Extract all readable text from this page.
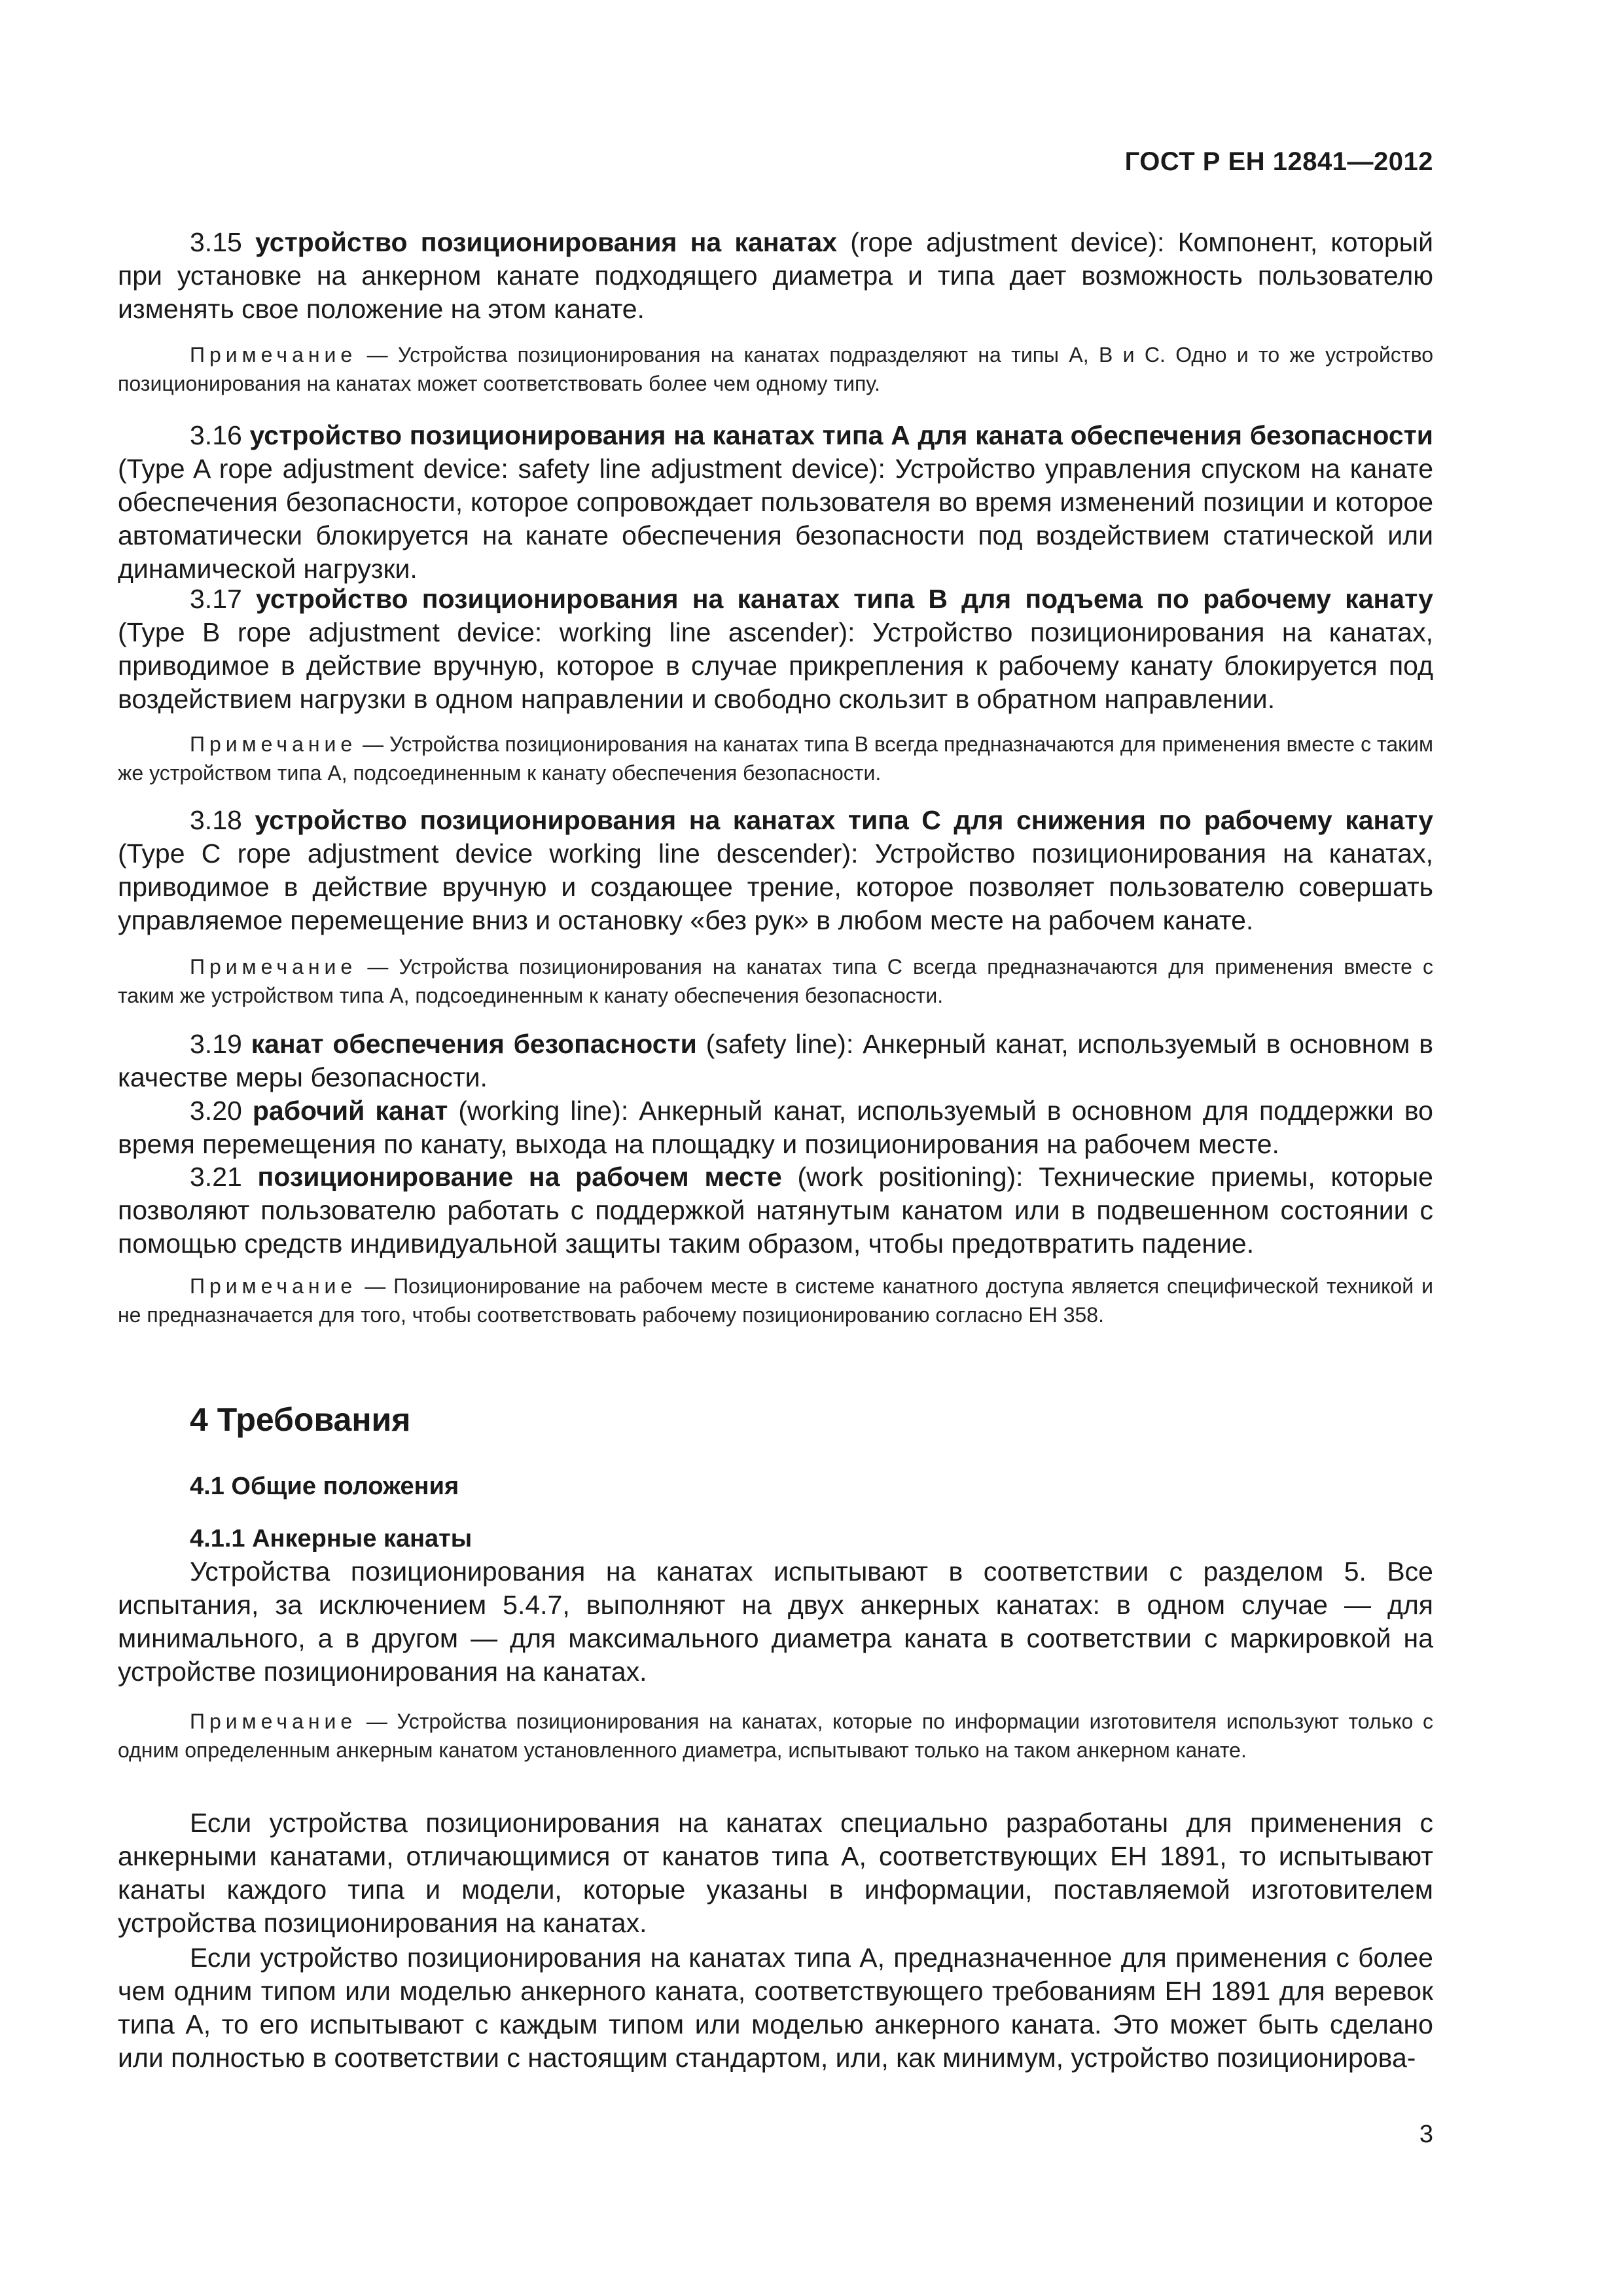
ГОСТ Р ЕН 12841—2012

3.15 устройство позиционирования на канатах (rope adjustment device): Компонент, который при установке на анкерном канате подходящего диаметра и типа дает возможность пользователю изменять свое положение на этом канате.

Примечание — Устройства позиционирования на канатах подразделяют на типы А, В и С. Одно и то же устройство позиционирования на канатах может соответствовать более чем одному типу.

3.16 устройство позиционирования на канатах типа А для каната обеспечения безопасности (Type A rope adjustment device: safety line adjustment device): Устройство управления спуском на канате обеспечения безопасности, которое сопровождает пользователя во время изменений позиции и которое автоматически блокируется на канате обеспечения безопасности под воздействием статической или динамической нагрузки.

3.17 устройство позиционирования на канатах типа В для подъема по рабочему канату (Type B rope adjustment device: working line ascender): Устройство позиционирования на канатах, приводимое в действие вручную, которое в случае прикрепления к рабочему канату блокируется под воздействием нагрузки в одном направлении и свободно скользит в обратном направлении.

Примечание — Устройства позиционирования на канатах типа В всегда предназначаются для применения вместе с таким же устройством типа А, подсоединенным к канату обеспечения безопасности.

3.18 устройство позиционирования на канатах типа С для снижения по рабочему канату (Type C rope adjustment device working line descender): Устройство позиционирования на канатах, приводимое в действие вручную и создающее трение, которое позволяет пользователю совершать управляемое перемещение вниз и остановку «без рук» в любом месте на рабочем канате.

Примечание — Устройства позиционирования на канатах типа С всегда предназначаются для применения вместе с таким же устройством типа А, подсоединенным к канату обеспечения безопасности.

3.19 канат обеспечения безопасности (safety line): Анкерный канат, используемый в основном в качестве меры безопасности.

3.20 рабочий канат (working line): Анкерный канат, используемый в основном для поддержки во время перемещения по канату, выхода на площадку и позиционирования на рабочем месте.

3.21 позиционирование на рабочем месте (work positioning): Технические приемы, которые позволяют пользователю работать с поддержкой натянутым канатом или в подвешенном состоянии с помощью средств индивидуальной защиты таким образом, чтобы предотвратить падение.

Примечание — Позиционирование на рабочем месте в системе канатного доступа является специфической техникой и не предназначается для того, чтобы соответствовать рабочему позиционированию согласно ЕН 358.

4 Требования

4.1 Общие положения

4.1.1 Анкерные канаты

Устройства позиционирования на канатах испытывают в соответствии с разделом 5. Все испытания, за исключением 5.4.7, выполняют на двух анкерных канатах: в одном случае — для минимального, а в другом — для максимального диаметра каната в соответствии с маркировкой на устройстве позиционирования на канатах.

Примечание — Устройства позиционирования на канатах, которые по информации изготовителя используют только с одним определенным анкерным канатом установленного диаметра, испытывают только на таком анкерном канате.

Если устройства позиционирования на канатах специально разработаны для применения с анкерными канатами, отличающимися от канатов типа А, соответствующих ЕН 1891, то испытывают канаты каждого типа и модели, которые указаны в информации, поставляемой изготовителем устройства позиционирования на канатах.

Если устройство позиционирования на канатах типа А, предназначенное для применения с более чем одним типом или моделью анкерного каната, соответствующего требованиям ЕН 1891 для веревок типа А, то его испытывают с каждым типом или моделью анкерного каната. Это может быть сделано или полностью в соответствии с настоящим стандартом, или, как минимум, устройство позиционирова-

3
